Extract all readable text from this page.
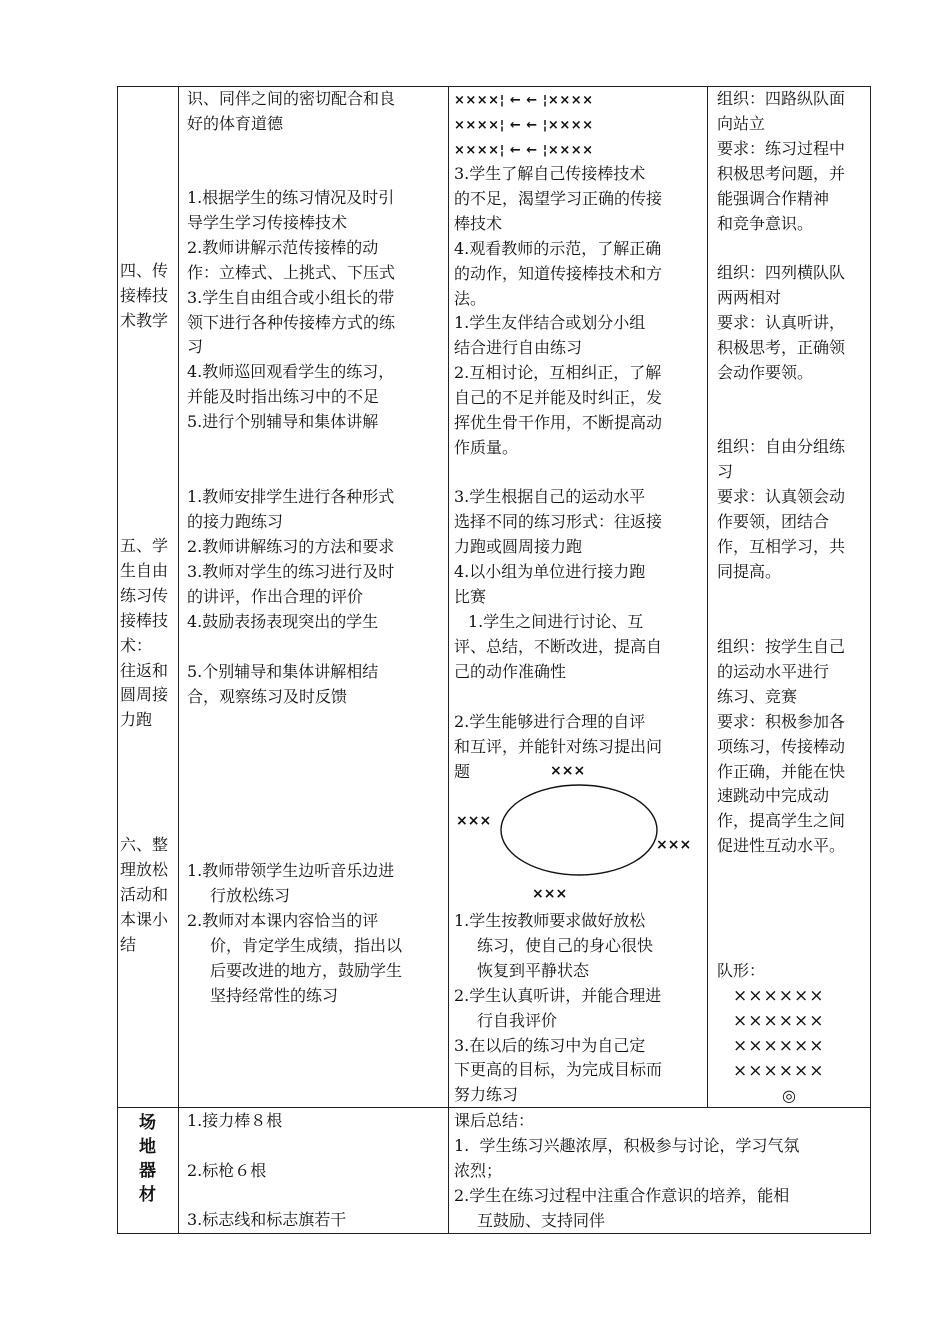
四、传
接棒技
术教学
五、学
生自由
练习传
接棒技
术：
往返和
圆周接
力跑
六、整
理放松
活动和
本课小
结
识、同伴之间的密切配合和良
好的体育道德
1.根据学生的练习情况及时引
导学生学习传接棒技术
2.教师讲解示范传接棒的动
作：立棒式、上挑式、下压式
3.学生自由组合或小组长的带
领下进行各种传接棒方式的练
习
4.教师巡回观看学生的练习，
并能及时指出练习中的不足
5.进行个别辅导和集体讲解
1.教师安排学生进行各种形式
的接力跑练习
2.教师讲解练习的方法和要求
3.教师对学生的练习进行及时
的讲评，作出合理的评价
4.鼓励表扬表现突出的学生
5.个别辅导和集体讲解相结
合，观察练习及时反馈
1.教师带领学生边听音乐边进
行放松练习
2.教师对本课内容恰当的评
价，肯定学生成绩，指出以
后要改进的地方，鼓励学生
坚持经常性的练习
××××¦ ← ← ¦××××
××××¦ ← ← ¦××××
××××¦ ← ← ¦××××
3.学生了解自己传接棒技术
的不足，渴望学习正确的传接
棒技术
4.观看教师的示范，了解正确
的动作，知道传接棒技术和方
法。
1.学生友伴结合或划分小组
结合进行自由练习
2.互相讨论，互相纠正，了解
自己的不足并能及时纠正，发
挥优生骨干作用，不断提高动
作质量。
3.学生根据自己的运动水平
选择不同的练习形式：往返接
力跑或圆周接力跑
4.以小组为单位进行接力跑
比赛
1.学生之间进行讨论、互
评、总结，不断改进，提高自
己的动作准确性
2.学生能够进行合理的自评
和互评，并能针对练习提出问
题	×××
×××
×××
×××
1.学生按教师要求做好放松
练习，使自己的身心很快
恢复到平静状态
2.学生认真听讲，并能合理进
行自我评价
3.在以后的练习中为自己定
下更高的目标，为完成目标而
努力练习
组织：四路纵队面
向站立
要求：练习过程中
积极思考问题，并
能强调合作精神
和竞争意识。
组织：四列横队队
两两相对
要求：认真听讲，
积极思考，正确领
会动作要领。
组织：自由分组练
习
要求：认真领会动
作要领，团结合
作，互相学习，共
同提高。
组织：按学生自己
的运动水平进行
练习、竞赛
要求：积极参加各
项练习，传接棒动
作正确，并能在快
速跳动中完成动
作，提高学生之间
促进性互动水平。
队形：
××××××
××××××
××××××
××××××
◎
场
地
器
材
1.接力棒８根
2.标枪６根
3.标志线和标志旗若干
课后总结：
1.  学生练习兴趣浓厚，积极参与讨论，学习气氛
浓烈；
2.学生在练习过程中注重合作意识的培养，能相
互鼓励、支持同伴
